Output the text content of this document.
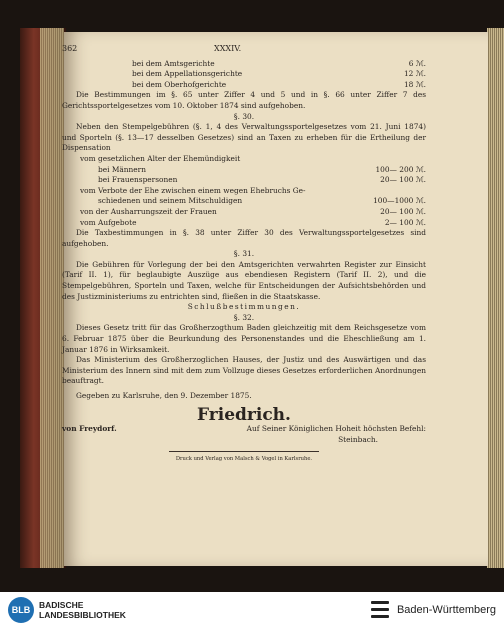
362	XXXIV.
bei dem Amtsgerichte	6 ℳ.
bei dem Appellationsgerichte	12 ℳ.
bei dem Oberhofgerichte	18 ℳ.

Die Bestimmungen im §. 65 unter Ziffer 4 und 5 und in §. 66 unter Ziffer 7 des Gerichtssportelgesetzes vom 10. Oktober 1874 sind aufgehoben.

§. 30.

Neben den Stempelgebühren (§. 1, 4 des Verwaltungssportelgesetzes vom 21. Juni 1874) und Sporteln (§. 13—17 desselben Gesetzes) sind an Taxen zu erheben für die Ertheilung der Dispensation

vom gesetzlichen Alter der Ehemündigkeit

bei Männern	100— 200 ℳ.
bei Frauenspersonen	20— 100 ℳ.

vom Verbote der Ehe zwischen einem wegen Ehebruchs Ge-

schiedenen und seinem Mitschuldigen	100—1000 ℳ.
von der Ausharrungszeit der Frauen	20— 100 ℳ.
vom Aufgebote	2— 100 ℳ.

Die Taxbestimmungen in §. 38 unter Ziffer 30 des Verwaltungssportelgesetzes sind aufgehoben.

§. 31.

Die Gebühren für Vorlegung der bei den Amtsgerichten verwahrten Register zur Einsicht (Tarif II. 1), für beglaubigte Auszüge aus ebendiesen Registern (Tarif II. 2), und die Stempelgebühren, Sporteln und Taxen, welche für Entscheidungen der Aufsichtsbehörden und des Justizministeriums zu entrichten sind, fließen in die Staatskasse.

Schlußbestimmungen.

§. 32.

Dieses Gesetz tritt für das Großherzogthum Baden gleichzeitig mit dem Reichsgesetze vom 6. Februar 1875 über die Beurkundung des Personenstandes und die Eheschließung am 1. Januar 1876 in Wirksamkeit.

Das Ministerium des Großherzoglichen Hauses, der Justiz und des Auswärtigen und das Ministerium des Innern sind mit dem zum Vollzuge dieses Gesetzes erforderlichen Anordnungen beauftragt.

Gegeben zu Karlsruhe, den 9. Dezember 1875.

Friedrich.

von Freydorf.	Auf Seiner Königlichen Hoheit höchsten Befehl:

Steinbach.

Druck und Verlag von Malsch & Vogel in Karlsruhe.

BLB	BADISCHE
LANDESBIBLIOTHEK	Baden-Württemberg
